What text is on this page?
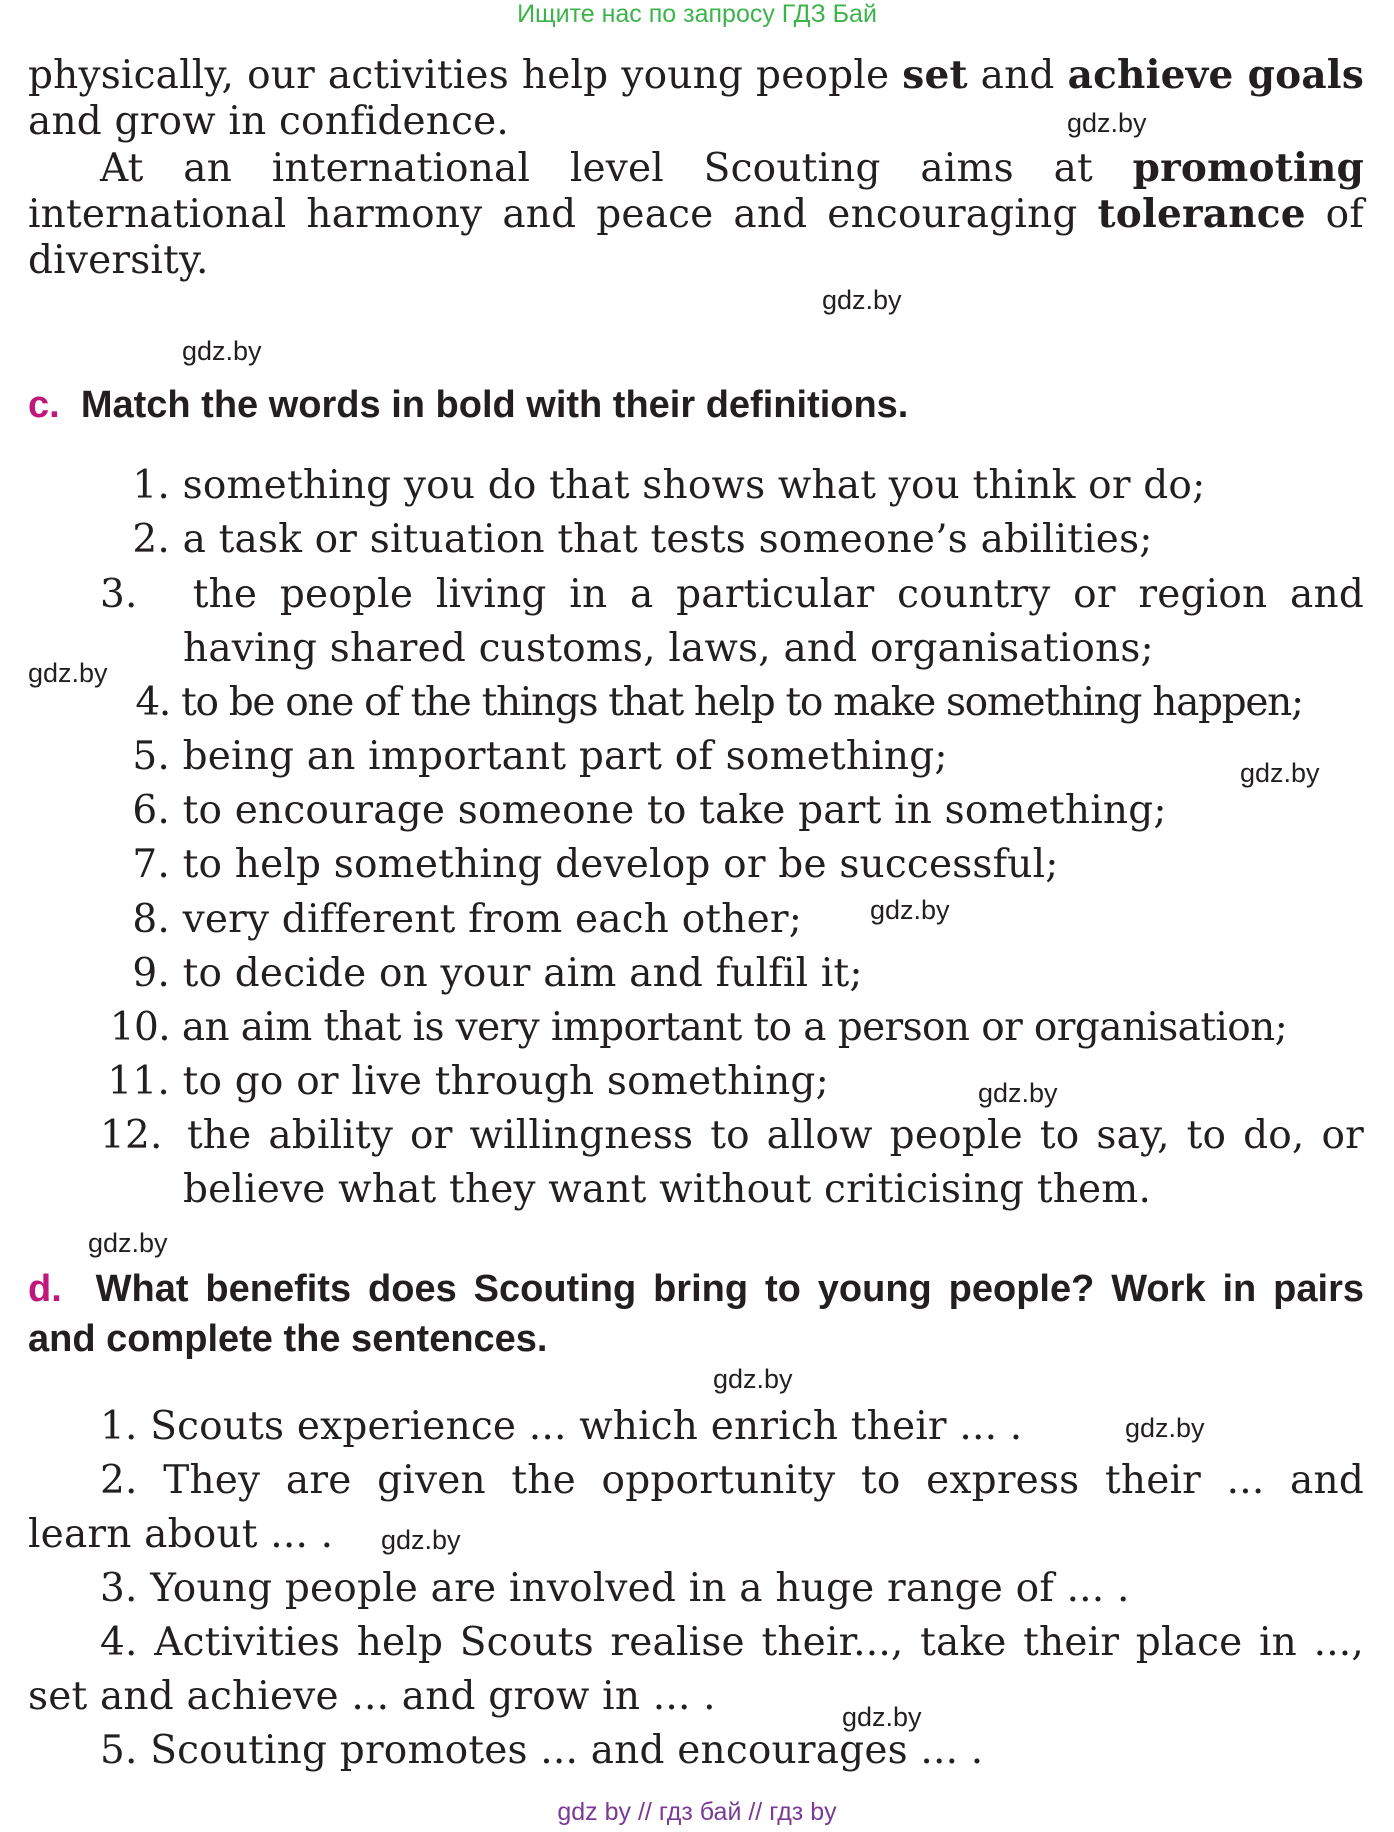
Ищите нас по запросу ГДЗ Бай
physically, our activities help young people set and achieve goals
and grow in confidence.	gdz.by
At an international level Scouting aims at promoting
international harmony and peace and encouraging tolerance of
diversity.
gdz.by
gdz.by
c. Match the words in bold with their definitions.
1. something you do that shows what you think or do;
2. a task or situation that tests someone’s abilities;
3. the people living in a particular country or region and
having shared customs, laws, and organisations;
gdz.by
4. to be one of the things that help to make something happen;
5. being an important part of something;	gdz.by
6. to encourage someone to take part in something;
7. to help something develop or be successful;
8. very different from each other;	gdz.by
9. to decide on your aim and fulfil it;
10. an aim that is very important to a person or organisation;
11. to go or live through something;	gdz.by
12. the ability or willingness to allow people to say, to do, or
believe what they want without criticising them.
gdz.by
d. What benefits does Scouting bring to young people? Work in pairs
and complete the sentences.
gdz.by
1. Scouts experience ... which enrich their ... .	gdz.by
2. They are given the opportunity to express their ... and
learn about ... . gdz.by
3. Young people are involved in a huge range of ... .
4. Activities help Scouts realise their..., take their place in ...,
set and achieve ... and grow in ... .	gdz.by
5. Scouting promotes ... and encourages ... .
gdz by // гдз бай // гдз by
